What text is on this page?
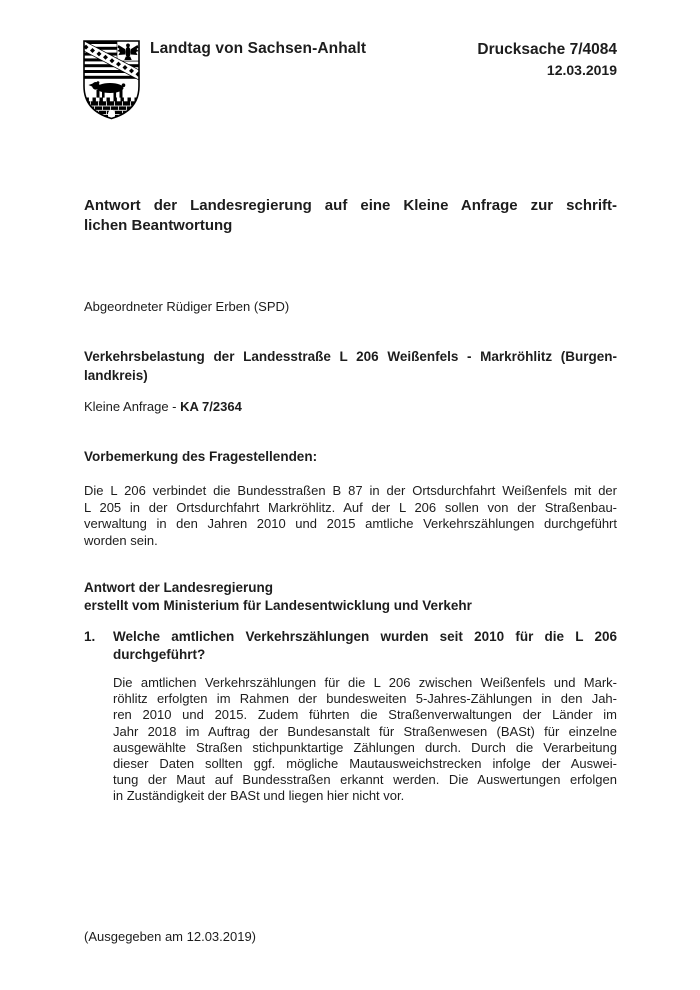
Landtag von Sachsen-Anhalt	Drucksache 7/4084
12.03.2019
Antwort der Landesregierung auf eine Kleine Anfrage zur schrift-
lichen Beantwortung
Abgeordneter Rüdiger Erben (SPD)
Verkehrsbelastung der Landesstraße L 206 Weißenfels - Markröhlitz (Burgen-
landkreis)
Kleine Anfrage - KA 7/2364
Vorbemerkung des Fragestellenden:
Die L 206 verbindet die Bundesstraßen B 87 in der Ortsdurchfahrt Weißenfels mit der
L 205 in der Ortsdurchfahrt Markröhlitz. Auf der L 206 sollen von der Straßenbau-
verwaltung in den Jahren 2010 und 2015 amtliche Verkehrszählungen durchgeführt
worden sein.
Antwort der Landesregierung
erstellt vom Ministerium für Landesentwicklung und Verkehr
1. Welche amtlichen Verkehrszählungen wurden seit 2010 für die L 206
durchgeführt?
Die amtlichen Verkehrszählungen für die L 206 zwischen Weißenfels und Mark-
röhlitz erfolgten im Rahmen der bundesweiten 5-Jahres-Zählungen in den Jah-
ren 2010 und 2015. Zudem führten die Straßenverwaltungen der Länder im
Jahr 2018 im Auftrag der Bundesanstalt für Straßenwesen (BASt) für einzelne
ausgewählte Straßen stichpunktartige Zählungen durch. Durch die Verarbeitung
dieser Daten sollten ggf. mögliche Mautausweichstrecken infolge der Auswei-
tung der Maut auf Bundesstraßen erkannt werden. Die Auswertungen erfolgen
in Zuständigkeit der BASt und liegen hier nicht vor.
(Ausgegeben am 12.03.2019)
